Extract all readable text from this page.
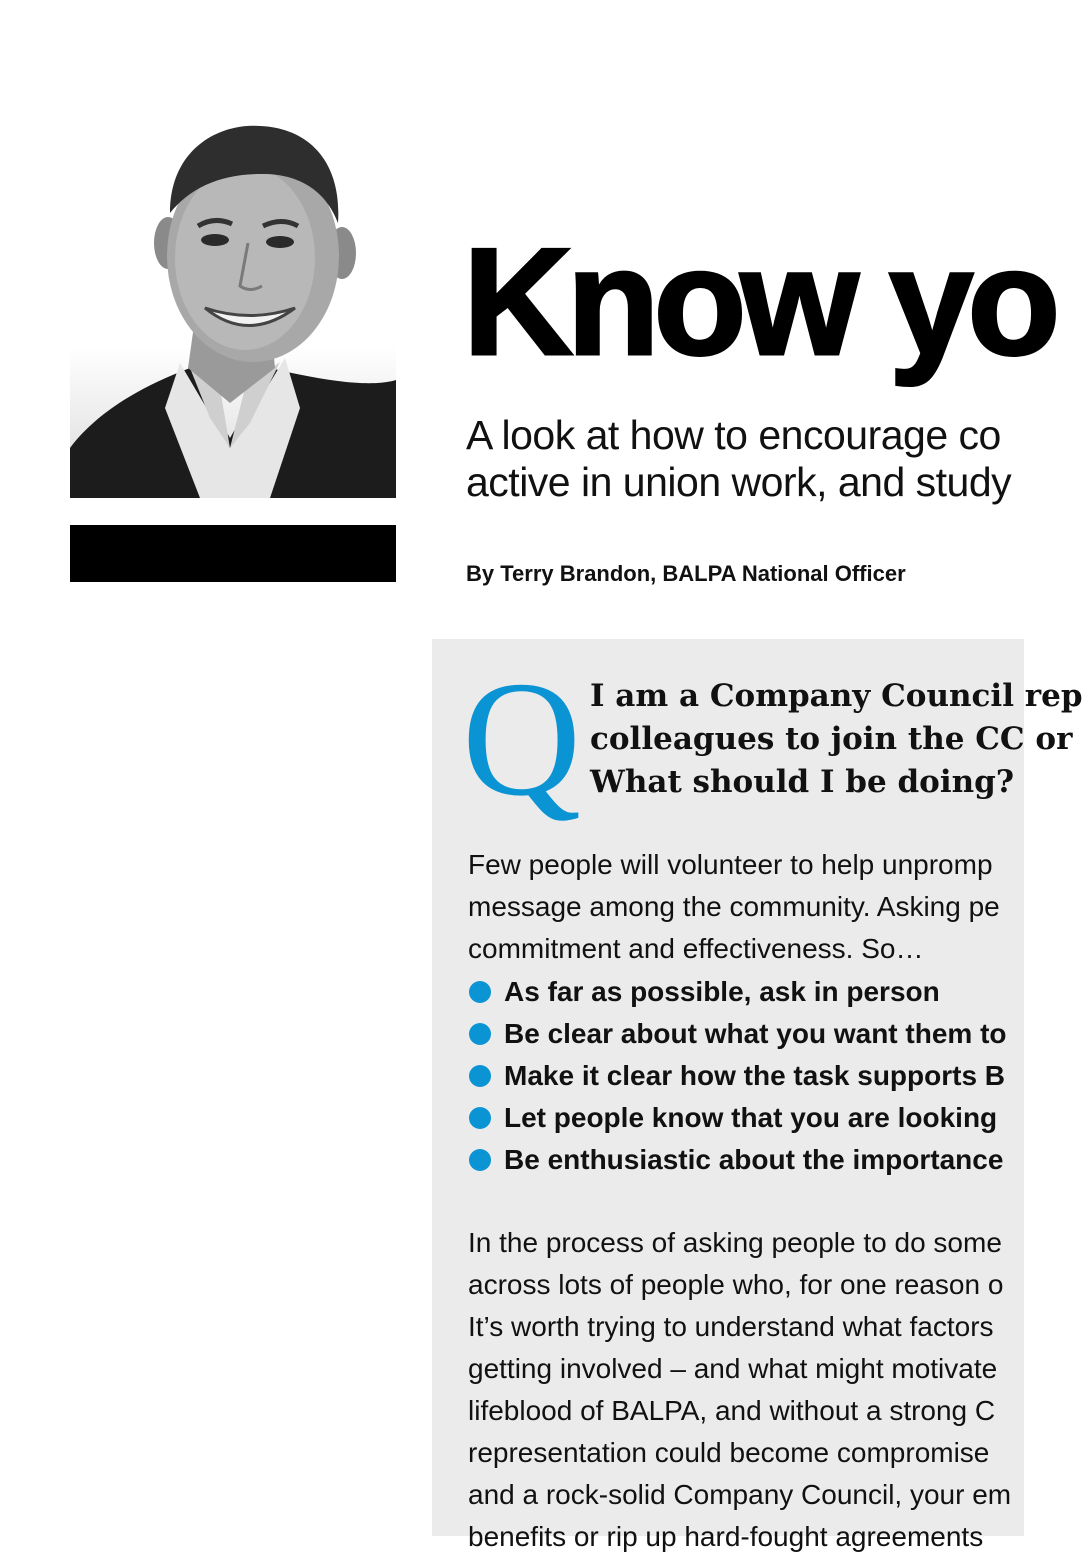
Know yo
A look at how to encourage co
active in union work, and study
By Terry Brandon, BALPA National Officer
Q I am a Company Council rep
colleagues to join the CC or
What should I be doing?
Few people will volunteer to help unpromp
message among the community. Asking pe
commitment and effectiveness. So…
As far as possible, ask in person
Be clear about what you want them to
Make it clear how the task supports B
Let people know that you are looking
Be enthusiastic about the importance
In the process of asking people to do some
across lots of people who, for one reason o
It’s worth trying to understand what factors
getting involved – and what might motivate
lifeblood of BALPA, and without a strong C
representation could become compromise
and a rock-solid Company Council, your em
benefits or rip up hard-fought agreements
